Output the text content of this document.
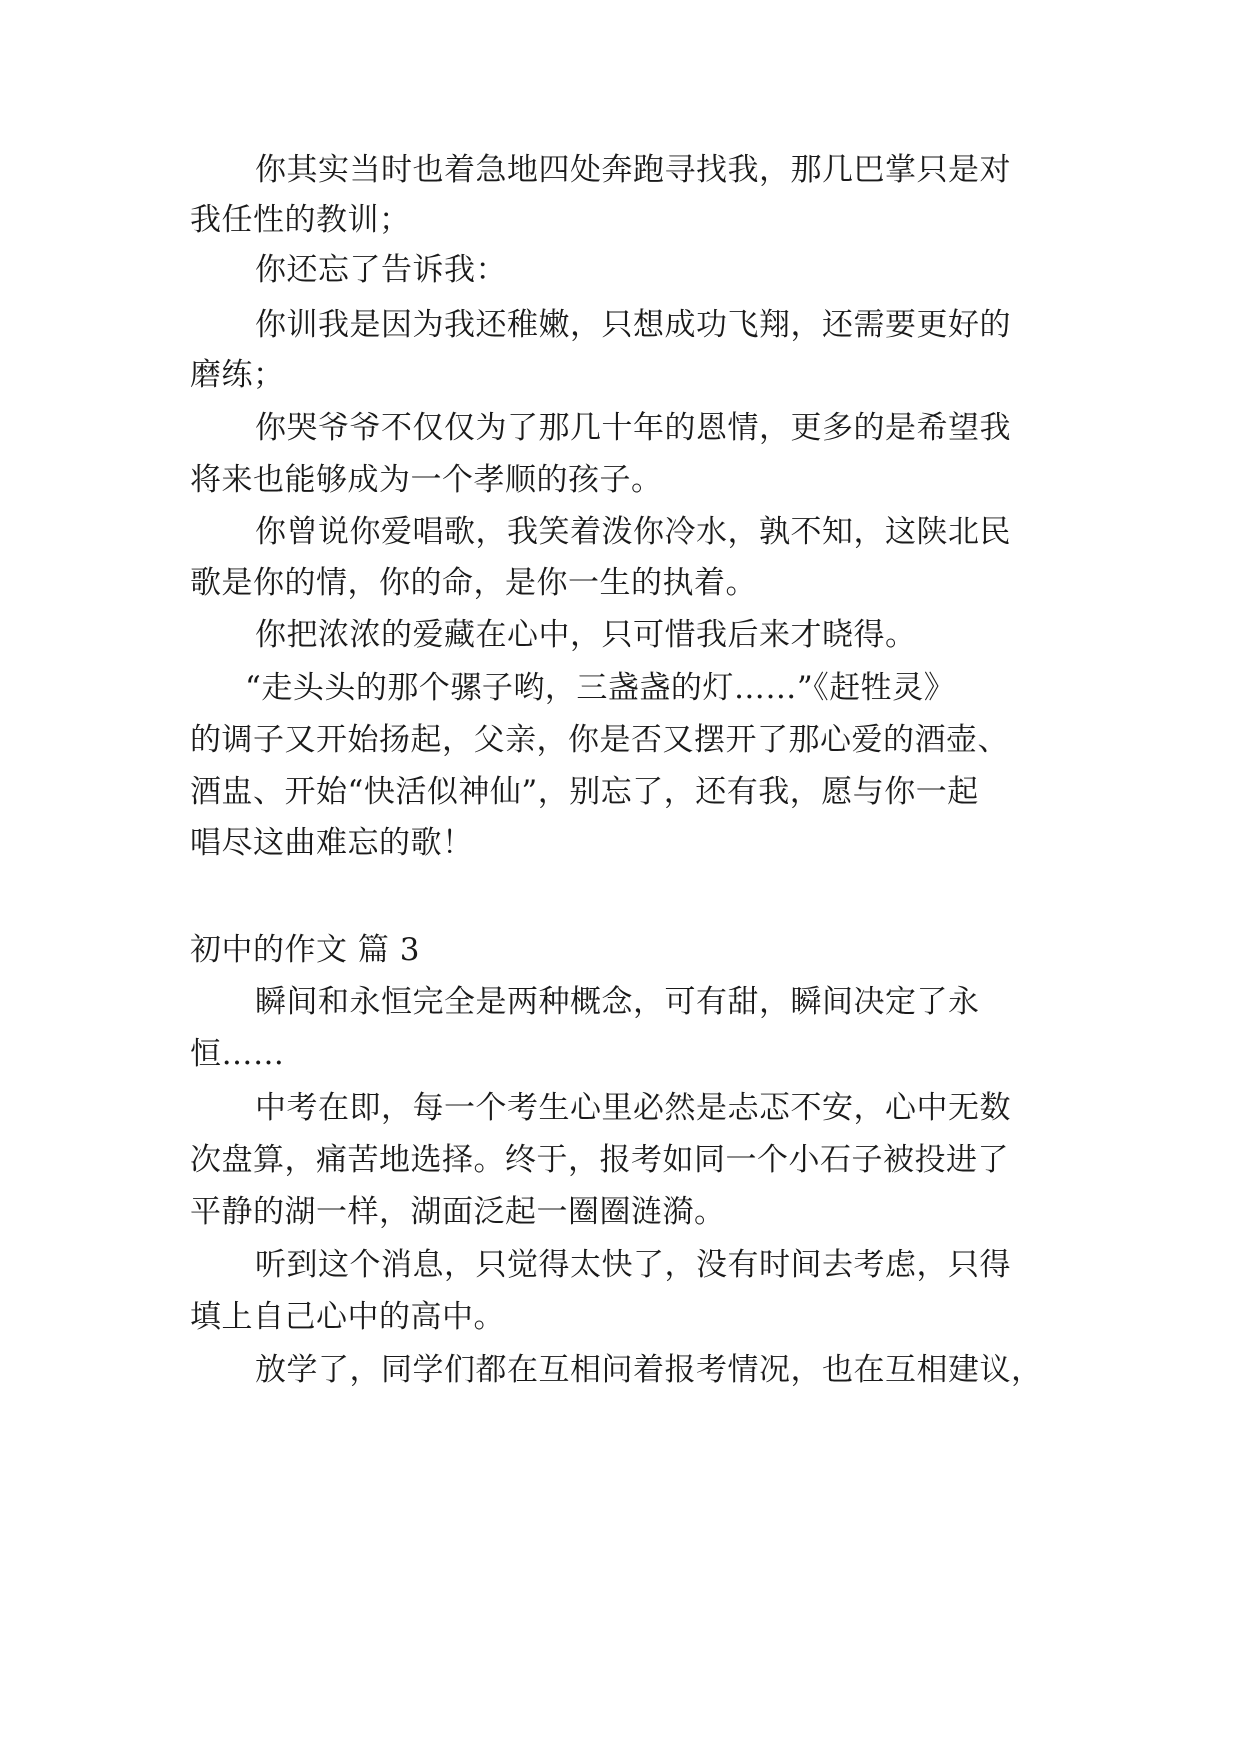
你其实当时也着急地四处奔跑寻找我，那几巴掌只是对
我任性的教训；
你还忘了告诉我：
你训我是因为我还稚嫩，只想成功飞翔，还需要更好的
磨练；
你哭爷爷不仅仅为了那几十年的恩情，更多的是希望我
将来也能够成为一个孝顺的孩子。
你曾说你爱唱歌，我笑着泼你冷水，孰不知，这陕北民
歌是你的情，你的命，是你一生的执着。
你把浓浓的爱藏在心中，只可惜我后来才晓得。
“走头头的那个骡子哟，三盏盏的灯……”《赶牲灵》
的调子又开始扬起，父亲，你是否又摆开了那心爱的酒壶、
酒盅、开始“快活似神仙”，别忘了，还有我，愿与你一起
唱尽这曲难忘的歌！
初中的作文 篇 3
瞬间和永恒完全是两种概念，可有甜，瞬间决定了永
恒……
中考在即，每一个考生心里必然是忐忑不安，心中无数
次盘算，痛苦地选择。终于，报考如同一个小石子被投进了
平静的湖一样，湖面泛起一圈圈涟漪。
听到这个消息，只觉得太快了，没有时间去考虑，只得
填上自己心中的高中。
放学了，同学们都在互相问着报考情况，也在互相建议，
